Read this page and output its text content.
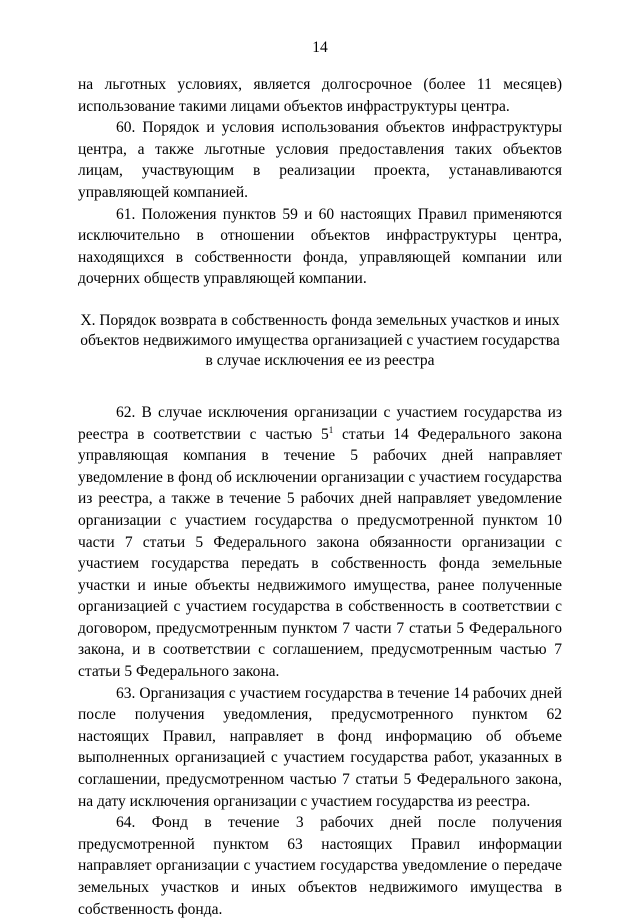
14

на льготных условиях, является долгосрочное (более 11 месяцев) использование такими лицами объектов инфраструктуры центра.

60. Порядок и условия использования объектов инфраструктуры центра, а также льготные условия предоставления таких объектов лицам, участвующим в реализации проекта, устанавливаются управляющей компанией.

61. Положения пунктов 59 и 60 настоящих Правил применяются исключительно в отношении объектов инфраструктуры центра, находящихся в собственности фонда, управляющей компании или дочерних обществ управляющей компании.

X. Порядок возврата в собственность фонда земельных участков и иных
объектов недвижимого имущества организацией с участием государства
в случае исключения ее из реестра

62. В случае исключения организации с участием государства из реестра в соответствии с частью $5^1$ статьи 14 Федерального закона управляющая компания в течение 5 рабочих дней направляет уведомление в фонд об исключении организации с участием государства из реестра, а также в течение 5 рабочих дней направляет уведомление организации с участием государства о предусмотренной пунктом 10 части 7 статьи 5 Федерального закона обязанности организации с участием государства передать в собственность фонда земельные участки и иные объекты недвижимого имущества, ранее полученные организацией с участием государства в собственность в соответствии с договором, предусмотренным пунктом 7 части 7 статьи 5 Федерального закона, и в соответствии с соглашением, предусмотренным частью 7 статьи 5 Федерального закона.

63. Организация с участием государства в течение 14 рабочих дней после получения уведомления, предусмотренного пунктом 62 настоящих Правил, направляет в фонд информацию об объеме выполненных организацией с участием государства работ, указанных в соглашении, предусмотренном частью 7 статьи 5 Федерального закона, на дату исключения организации с участием государства из реестра.

64. Фонд в течение 3 рабочих дней после получения предусмотренной пунктом 63 настоящих Правил информации направляет организации с участием государства уведомление о передаче земельных участков и иных объектов недвижимого имущества в собственность фонда.
